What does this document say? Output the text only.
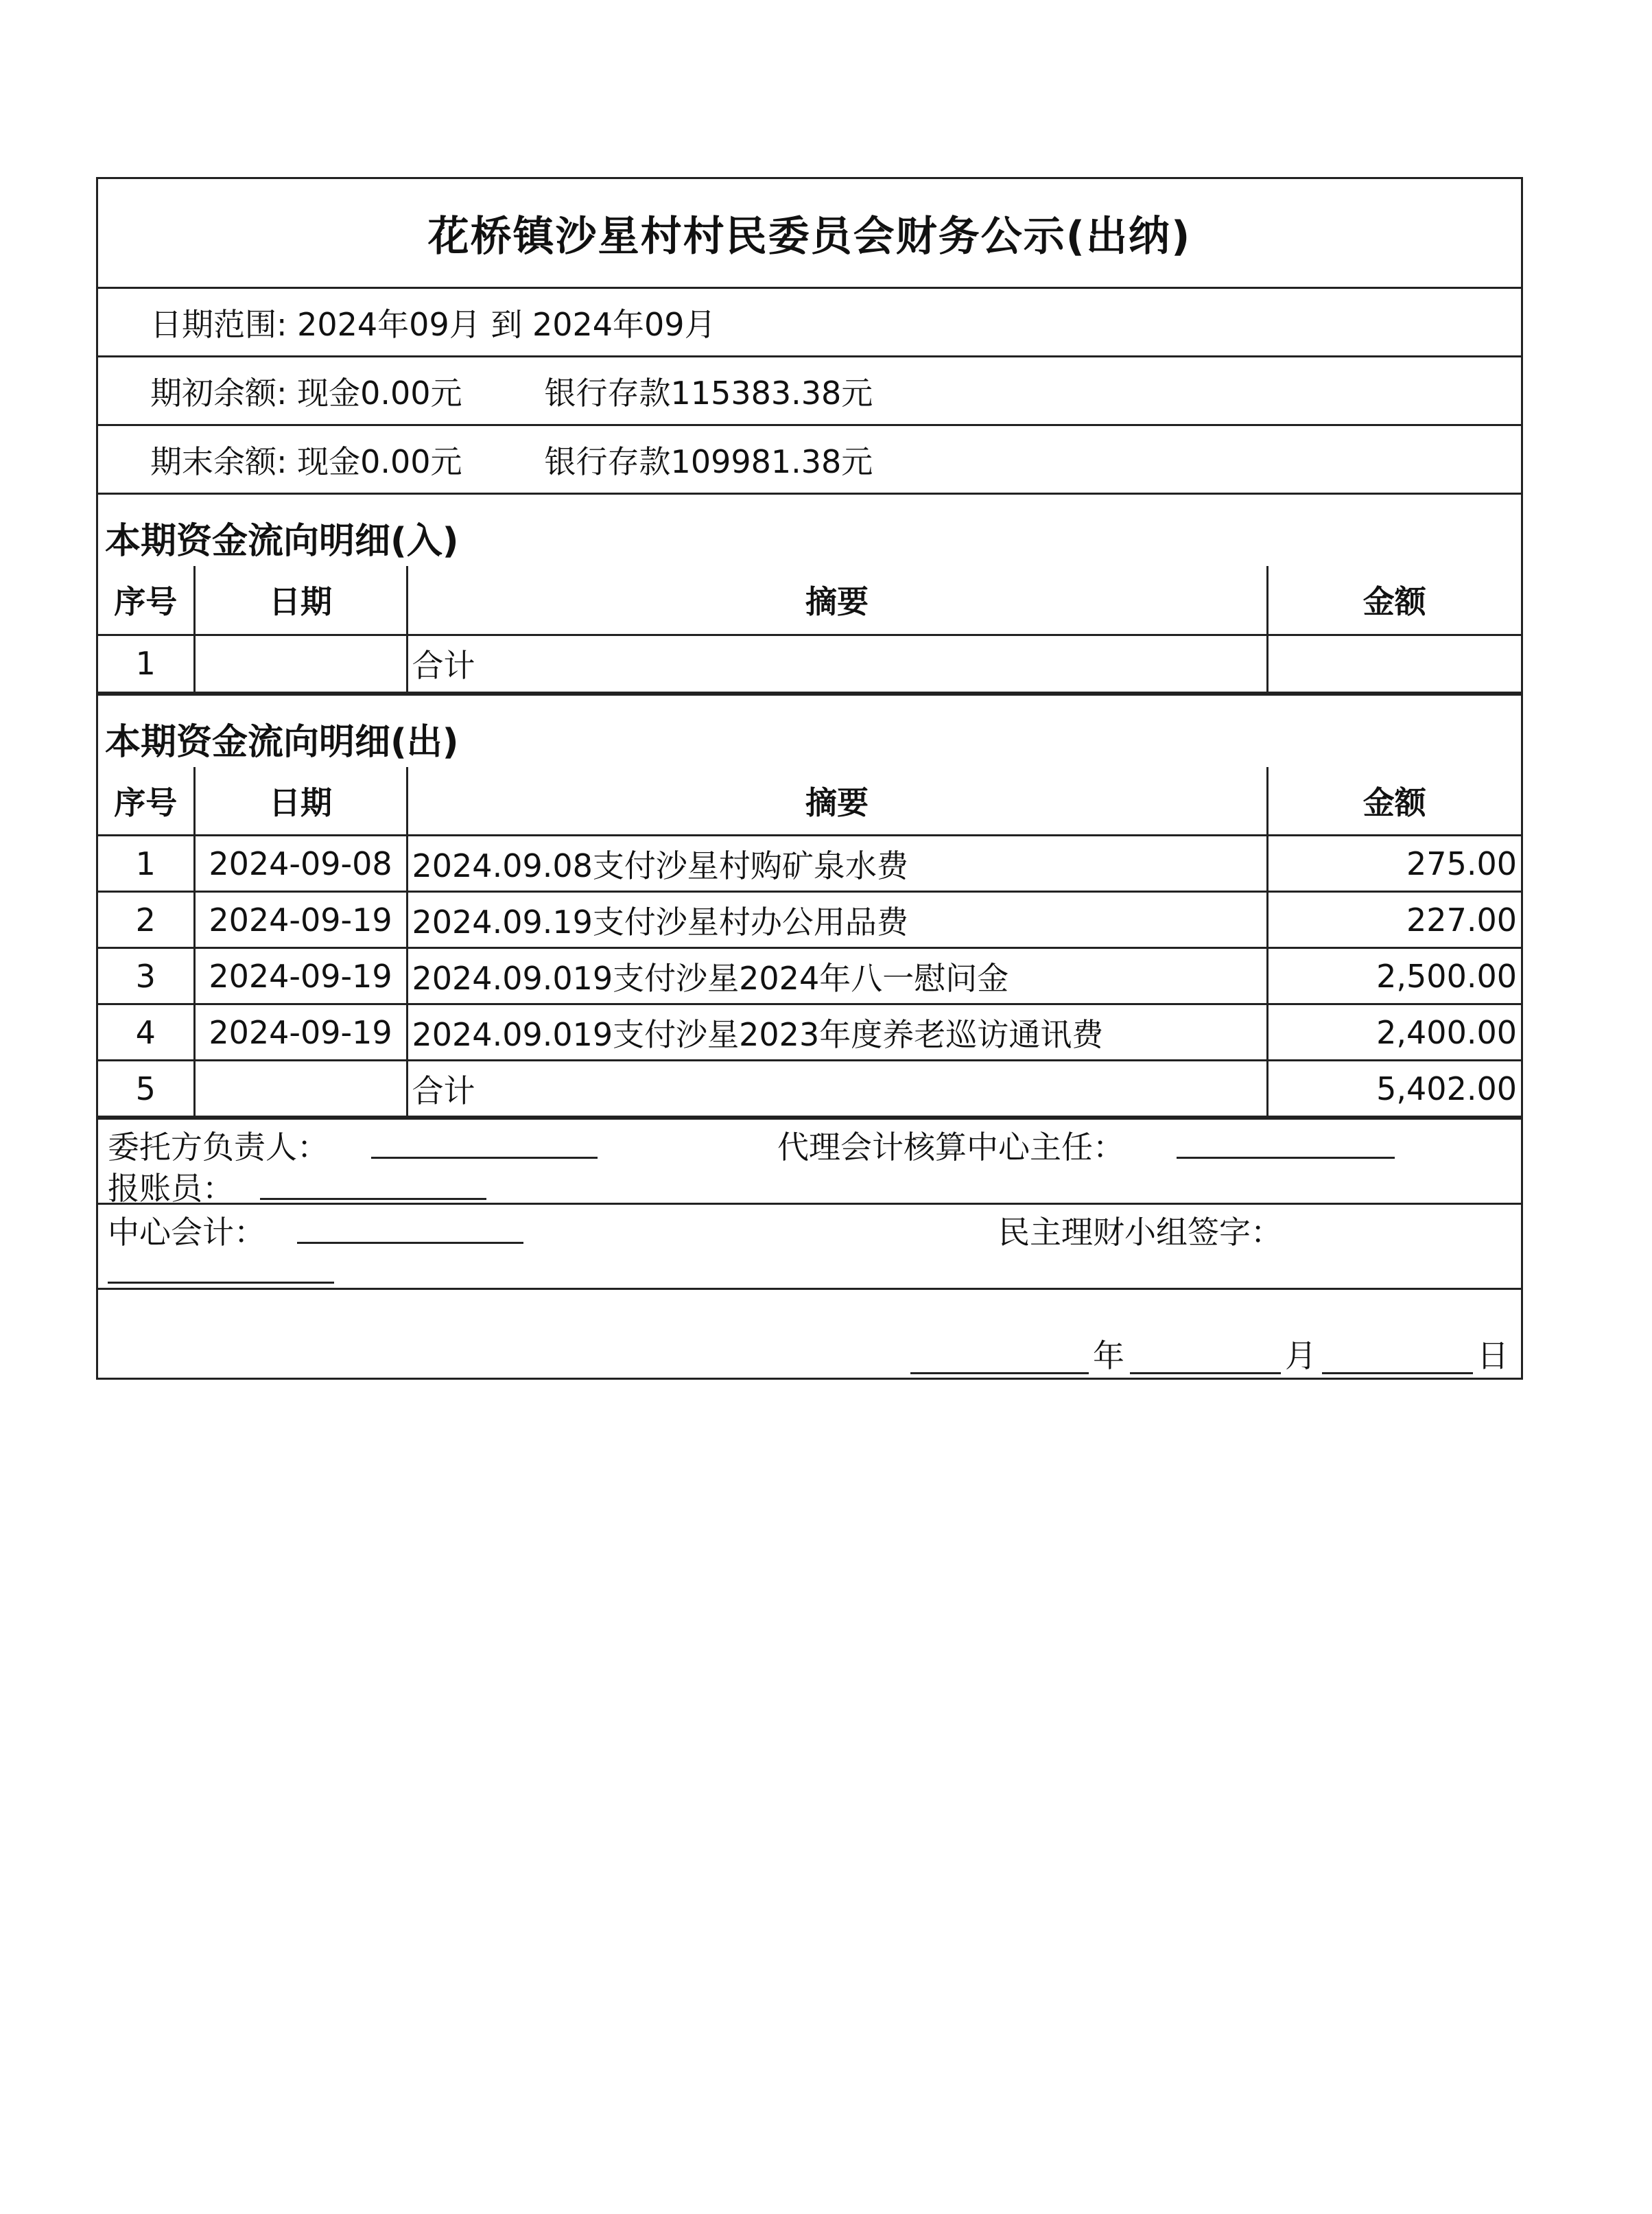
花桥镇沙星村村民委员会财务公示(出纳)
日期范围: 2024年09月 到 2024年09月
期初余额: 现金0.00元	银行存款115383.38元
期末余额: 现金0.00元	银行存款109981.38元
本期资金流向明细(入)
序号	日期	摘要	金额
1		合计	
本期资金流向明细(出)
序号	日期	摘要	金额
1	2024-09-08	2024.09.08支付沙星村购矿泉水费	275.00
2	2024-09-19	2024.09.19支付沙星村办公用品费	227.00
3	2024-09-19	2024.09.019支付沙星2024年八一慰问金	2,500.00
4	2024-09-19	2024.09.019支付沙星2023年度养老巡访通讯费	2,400.00
5		合计	5,402.00
委托方负责人：	代理会计核算中心主任：
报账员：
中心会计：	民主理财小组签字：
年	月	日
